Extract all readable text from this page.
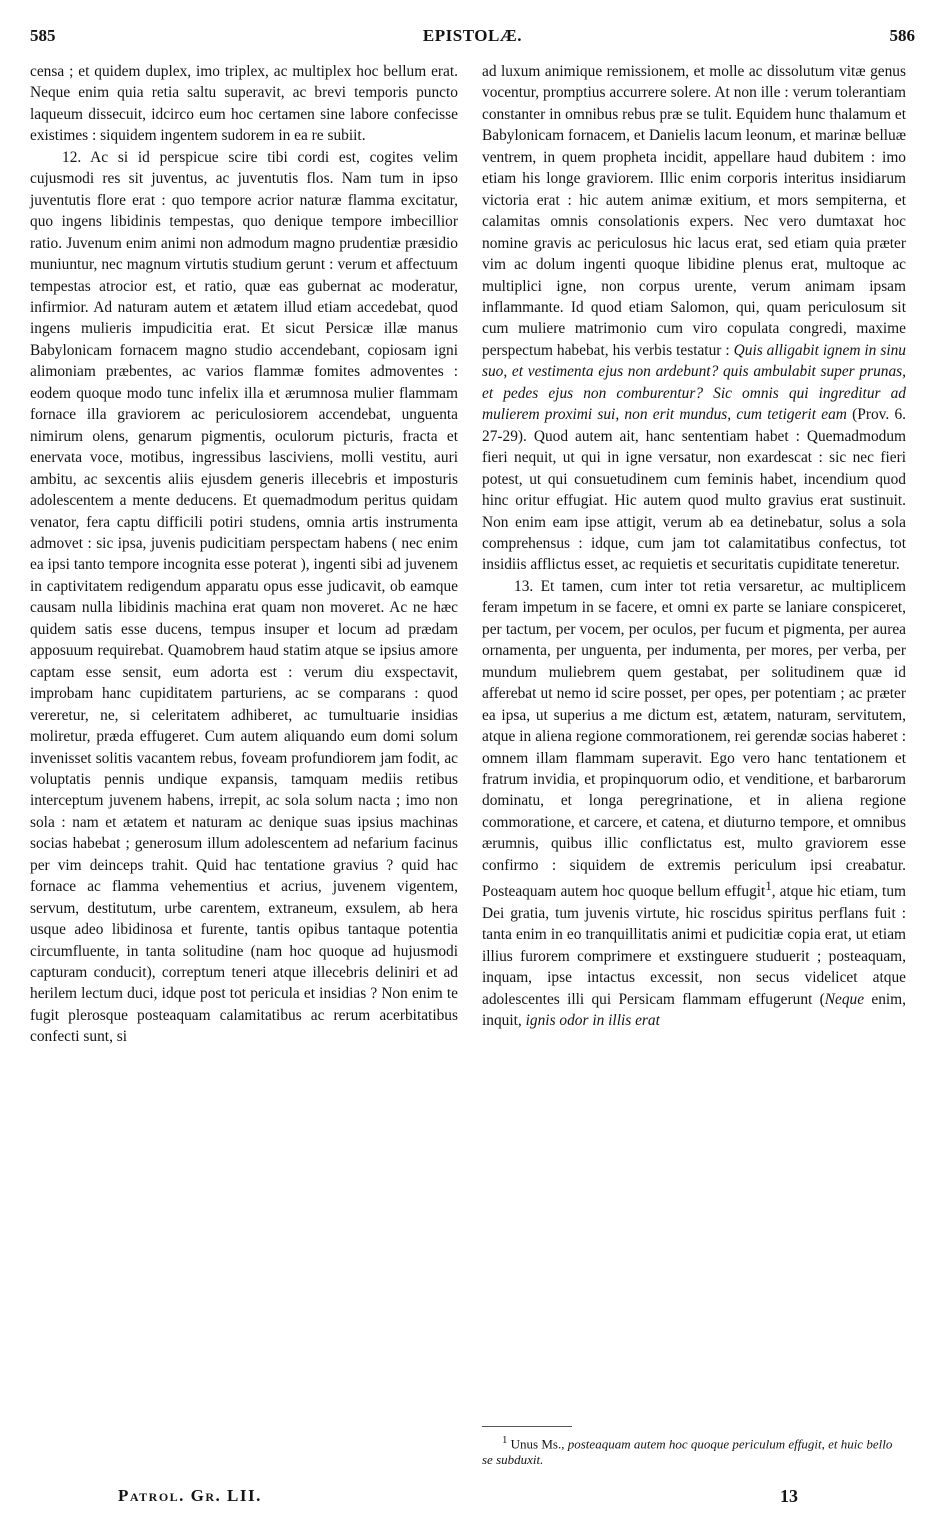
585	EPISTOLÆ.	586

censa ; et quidem duplex, imo triplex, ac multiplex hoc bellum erat. Neque enim quia retia saltu superavit, ac brevi temporis puncto laqueum dissecuit, idcirco eum hoc certamen sine labore confecisse existimes : siquidem ingentem sudorem in ea re subiit.

12. Ac si id perspicue scire tibi cordi est, cogites velim cujusmodi res sit juventus, ac juventutis flos. Nam tum in ipso juventutis flore erat : quo tempore acrior naturæ flamma excitatur, quo ingens libidinis tempestas, quo denique tempore imbecillior ratio. Juvenum enim animi non admodum magno prudentiæ præsidio muniuntur, nec magnum virtutis studium gerunt : verum et affectuum tempestas atrocior est, et ratio, quæ eas gubernat ac moderatur, infirmior. Ad naturam autem et ætatem illud etiam accedebat, quod ingens mulieris impudicitia erat. Et sicut Persicæ illæ manus Babylonicam fornacem magno studio accendebant, copiosam igni alimoniam præbentes, ac varios flammæ fomites admoventes : eodem quoque modo tunc infelix illa et ærumnosa mulier flammam fornace illa graviorem ac periculosiorem accendebat, unguenta nimirum olens, genarum pigmentis, oculorum picturis, fracta et enervata voce, motibus, ingressibus lasciviens, molli vestitu, auri ambitu, ac sexcentis aliis ejusdem generis illecebris et imposturis adolescentem a mente deducens. Et quemadmodum peritus quidam venator, fera captu difficili potiri studens, omnia artis instrumenta admovet : sic ipsa, juvenis pudicitiam perspectam habens ( nec enim ea ipsi tanto tempore incognita esse poterat ), ingenti sibi ad juvenem in captivitatem redigendum apparatu opus esse judicavit, ob eamque causam nulla libidinis machina erat quam non moveret. Ac ne hæc quidem satis esse ducens, tempus insuper et locum ad prædam apposuum requirebat. Quamobrem haud statim atque se ipsius amore captam esse sensit, eum adorta est : verum diu exspectavit, improbam hanc cupiditatem parturiens, ac se comparans : quod vereretur, ne, si celeritatem adhiberet, ac tumultuarie insidias moliretur, præda effugeret. Cum autem aliquando eum domi solum invenisset solitis vacantem rebus, foveam profundiorem jam fodit, ac voluptatis pennis undique expansis, tamquam mediis retibus interceptum juvenem habens, irrepit, ac sola solum nacta ; imo non sola : nam et ætatem et naturam ac denique suas ipsius machinas socias habebat ; generosum illum adolescentem ad nefarium facinus per vim deinceps trahit. Quid hac tentatione gravius ? quid hac fornace ac flamma vehementius et acrius, juvenem vigentem, servum, destitutum, urbe carentem, extraneum, exsulem, ab hera usque adeo libidinosa et furente, tantis opibus tantaque potentia circumfluente, in tanta solitudine (nam hoc quoque ad hujusmodi capturam conducit), correptum teneri atque illecebris deliniri et ad herilem lectum duci, idque post tot pericula et insidias ? Non enim te fugit plerosque posteaquam calamitatibus ac rerum acerbitatibus confecti sunt, si

ad luxum animique remissionem, et molle ac dissolutum vitæ genus vocentur, promptius accurrere solere. At non ille : verum tolerantiam constanter in omnibus rebus præ se tulit. Equidem hunc thalamum et Babylonicam fornacem, et Danielis lacum leonum, et marinæ belluæ ventrem, in quem propheta incidit, appellare haud dubitem : imo etiam his longe graviorem. Illic enim corporis interitus insidiarum victoria erat : hic autem animæ exitium, et mors sempiterna, et calamitas omnis consolationis expers. Nec vero dumtaxat hoc nomine gravis ac periculosus hic lacus erat, sed etiam quia præter vim ac dolum ingenti quoque libidine plenus erat, multoque ac multiplici igne, non corpus urente, verum animam ipsam inflammante. Id quod etiam Salomon, qui, quam periculosum sit cum muliere matrimonio cum viro copulata congredi, maxime perspectum habebat, his verbis testatur : Quis alligabit ignem in sinu suo, et vestimenta ejus non ardebunt? quis ambulabit super prunas, et pedes ejus non comburentur? Sic omnis qui ingreditur ad mulierem proximi sui, non erit mundus, cum tetigerit eam (Prov. 6. 27-29). Quod autem ait, hanc sententiam habet : Quemadmodum fieri nequit, ut qui in igne versatur, non exardescat : sic nec fieri potest, ut qui consuetudinem cum feminis habet, incendium quod hinc oritur effugiat. Hic autem quod multo gravius erat sustinuit. Non enim eam ipse attigit, verum ab ea detinebatur, solus a sola comprehensus : idque, cum jam tot calamitatibus confectus, tot insidiis afflictus esset, ac requietis et securitatis cupiditate teneretur.

13. Et tamen, cum inter tot retia versaretur, ac multiplicem feram impetum in se facere, et omni ex parte se laniare conspiceret, per tactum, per vocem, per oculos, per fucum et pigmenta, per aurea ornamenta, per unguenta, per indumenta, per mores, per verba, per mundum muliebrem quem gestabat, per solitudinem quæ id afferebat ut nemo id scire posset, per opes, per potentiam ; ac præter ea ipsa, ut superius a me dictum est, ætatem, naturam, servitutem, atque in aliena regione commorationem, rei gerendæ socias haberet : omnem illam flammam superavit. Ego vero hanc tentationem et fratrum invidia, et propinquorum odio, et venditione, et barbarorum dominatu, et longa peregrinatione, et in aliena regione commoratione, et carcere, et catena, et diuturno tempore, et omnibus ærumnis, quibus illic conflictatus est, multo graviorem esse confirmo : siquidem de extremis periculum ipsi creabatur. Posteaquam autem hoc quoque bellum effugit$^1$, atque hic etiam, tum Dei gratia, tum juvenis virtute, hic roscidus spiritus perflans fuit : tanta enim in eo tranquillitatis animi et pudicitiæ copia erat, ut etiam illius furorem comprimere et exstinguere studuerit ; posteaquam, inquam, ipse intactus excessit, non secus videlicet atque adolescentes illi qui Persicam flammam effugerunt (Neque enim, inquit, ignis odor in illis erat

$^1$ Unus Ms., posteaquam autem hoc quoque periculum effugit, et huic bello se subduxit.
Patrol. Gr. LII.	13
